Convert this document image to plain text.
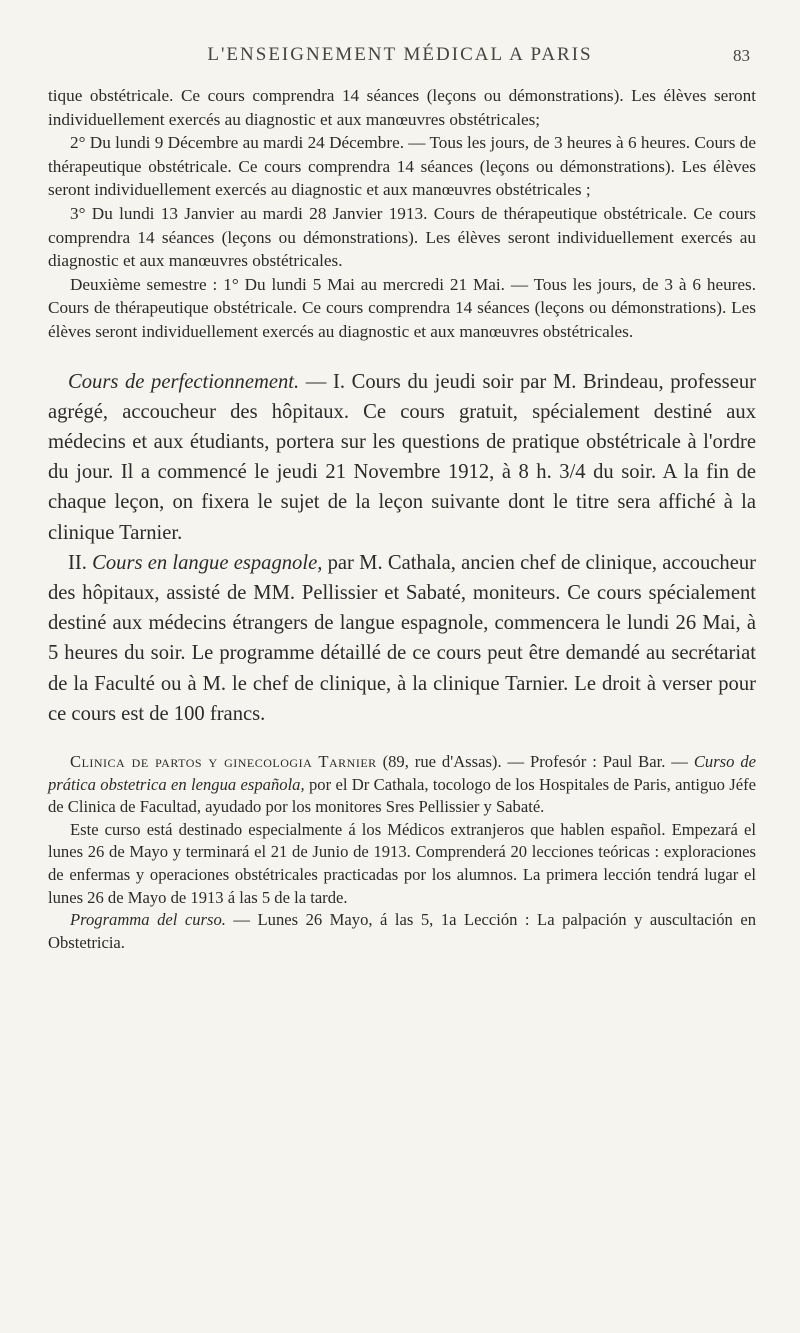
L'ENSEIGNEMENT MÉDICAL A PARIS	83

tique obstétricale. Ce cours comprendra 14 séances (leçons ou démonstrations). Les élèves seront individuellement exercés au diagnostic et aux manœuvres obstétricales;

2° Du lundi 9 Décembre au mardi 24 Décembre. — Tous les jours, de 3 heures à 6 heures. Cours de thérapeutique obstétricale. Ce cours comprendra 14 séances (leçons ou démonstrations). Les élèves seront individuellement exercés au diagnostic et aux manœuvres obstétricales ;

3° Du lundi 13 Janvier au mardi 28 Janvier 1913. Cours de thérapeutique obstétricale. Ce cours comprendra 14 séances (leçons ou démonstrations). Les élèves seront individuellement exercés au diagnostic et aux manœuvres obstétricales.

Deuxième semestre : 1° Du lundi 5 Mai au mercredi 21 Mai. — Tous les jours, de 3 à 6 heures. Cours de thérapeutique obstétricale. Ce cours comprendra 14 séances (leçons ou démonstrations). Les élèves seront individuellement exercés au diagnostic et aux manœuvres obstétricales.

Cours de perfectionnement. — I. Cours du jeudi soir par M. Brindeau, professeur agrégé, accoucheur des hôpitaux. Ce cours gratuit, spécialement destiné aux médecins et aux étudiants, portera sur les questions de pratique obstétricale à l'ordre du jour. Il a commencé le jeudi 21 Novembre 1912, à 8 h. 3/4 du soir. A la fin de chaque leçon, on fixera le sujet de la leçon suivante dont le titre sera affiché à la clinique Tarnier.

II. Cours en langue espagnole, par M. Cathala, ancien chef de clinique, accoucheur des hôpitaux, assisté de MM. Pellissier et Sabaté, moniteurs. Ce cours spécialement destiné aux médecins étrangers de langue espagnole, commencera le lundi 26 Mai, à 5 heures du soir. Le programme détaillé de ce cours peut être demandé au secrétariat de la Faculté ou à M. le chef de clinique, à la clinique Tarnier. Le droit à verser pour ce cours est de 100 francs.

Clinica de partos y ginecologia Tarnier (89, rue d'Assas). — Profesór : Paul Bar. — Curso de prática obstetrica en lengua española, por el Dr Cathala, tocologo de los Hospitales de Paris, antiguo Jéfe de Clinica de Facultad, ayudado por los monitores Sres Pellissier y Sabaté.

Este curso está destinado especialmente á los Médicos extranjeros que hablen español. Empezará el lunes 26 de Mayo y terminará el 21 de Junio de 1913. Comprenderá 20 lecciones teóricas : exploraciones de enfermas y operaciones obstétricales practicadas por los alumnos. La primera lección tendrá lugar el lunes 26 de Mayo de 1913 á las 5 de la tarde.

Programma del curso. — Lunes 26 Mayo, á las 5, 1a Lección : La palpación y auscultación en Obstetricia.
